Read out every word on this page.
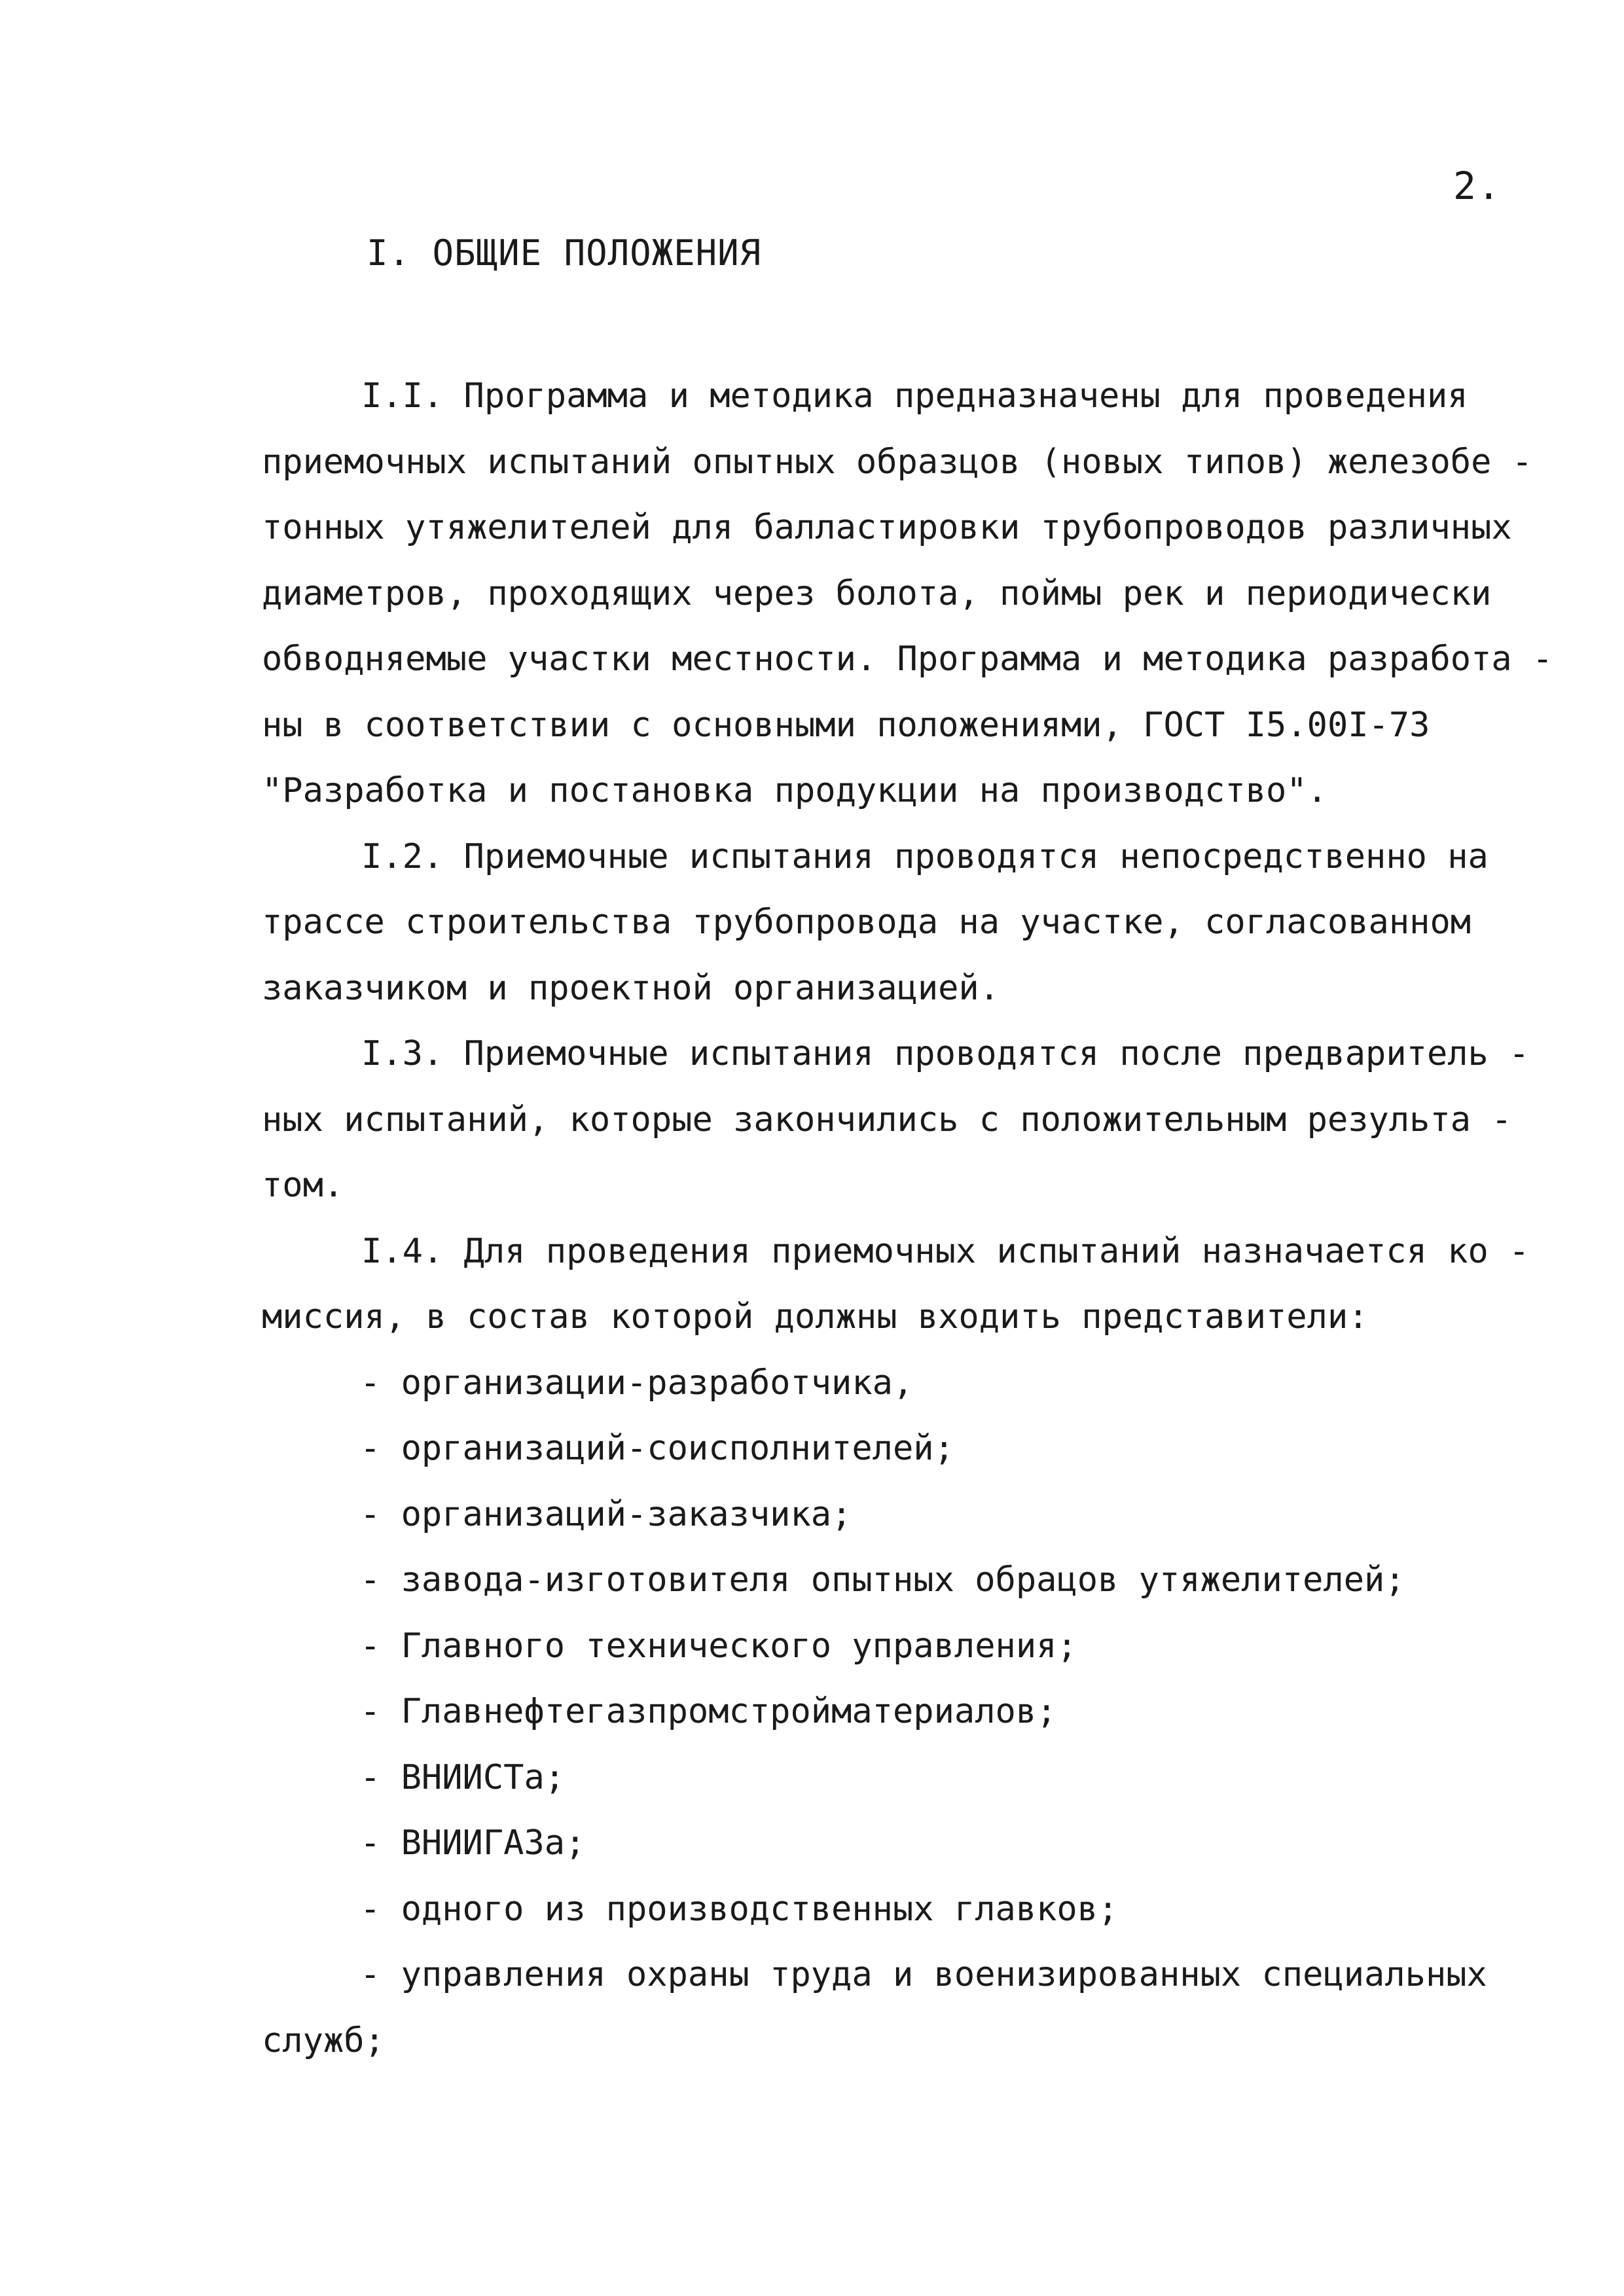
2.
I. ОБЩИЕ ПОЛОЖЕНИЯ
I.I. Программа и методика предназначены для проведения
приемочных испытаний опытных образцов (новых типов) железобе -
тонных утяжелителей для балластировки трубопроводов различных
диаметров, проходящих через болота, поймы рек и периодически
обводняемые участки местности. Программа и методика разработа -
ны в соответствии с основными положениями, ГОСТ I5.00I-73
"Разработка и постановка продукции на производство".
I.2. Приемочные испытания проводятся непосредственно на
трассе строительства трубопровода на участке, согласованном
заказчиком и проектной организацией.
I.3. Приемочные испытания проводятся после предваритель -
ных испытаний, которые закончились с положительным результа -
том.
I.4. Для проведения приемочных испытаний назначается ко -
миссия, в состав которой должны входить представители:
- организации-разработчика,
- организаций-соисполнителей;
- организаций-заказчика;
- завода-изготовителя опытных обрацов утяжелителей;
- Главного технического управления;
- Главнефтегазпромстройматериалов;
- ВНИИСТа;
- ВНИИГАЗа;
- одного из производственных главков;
- управления охраны труда и военизированных специальных
служб;
